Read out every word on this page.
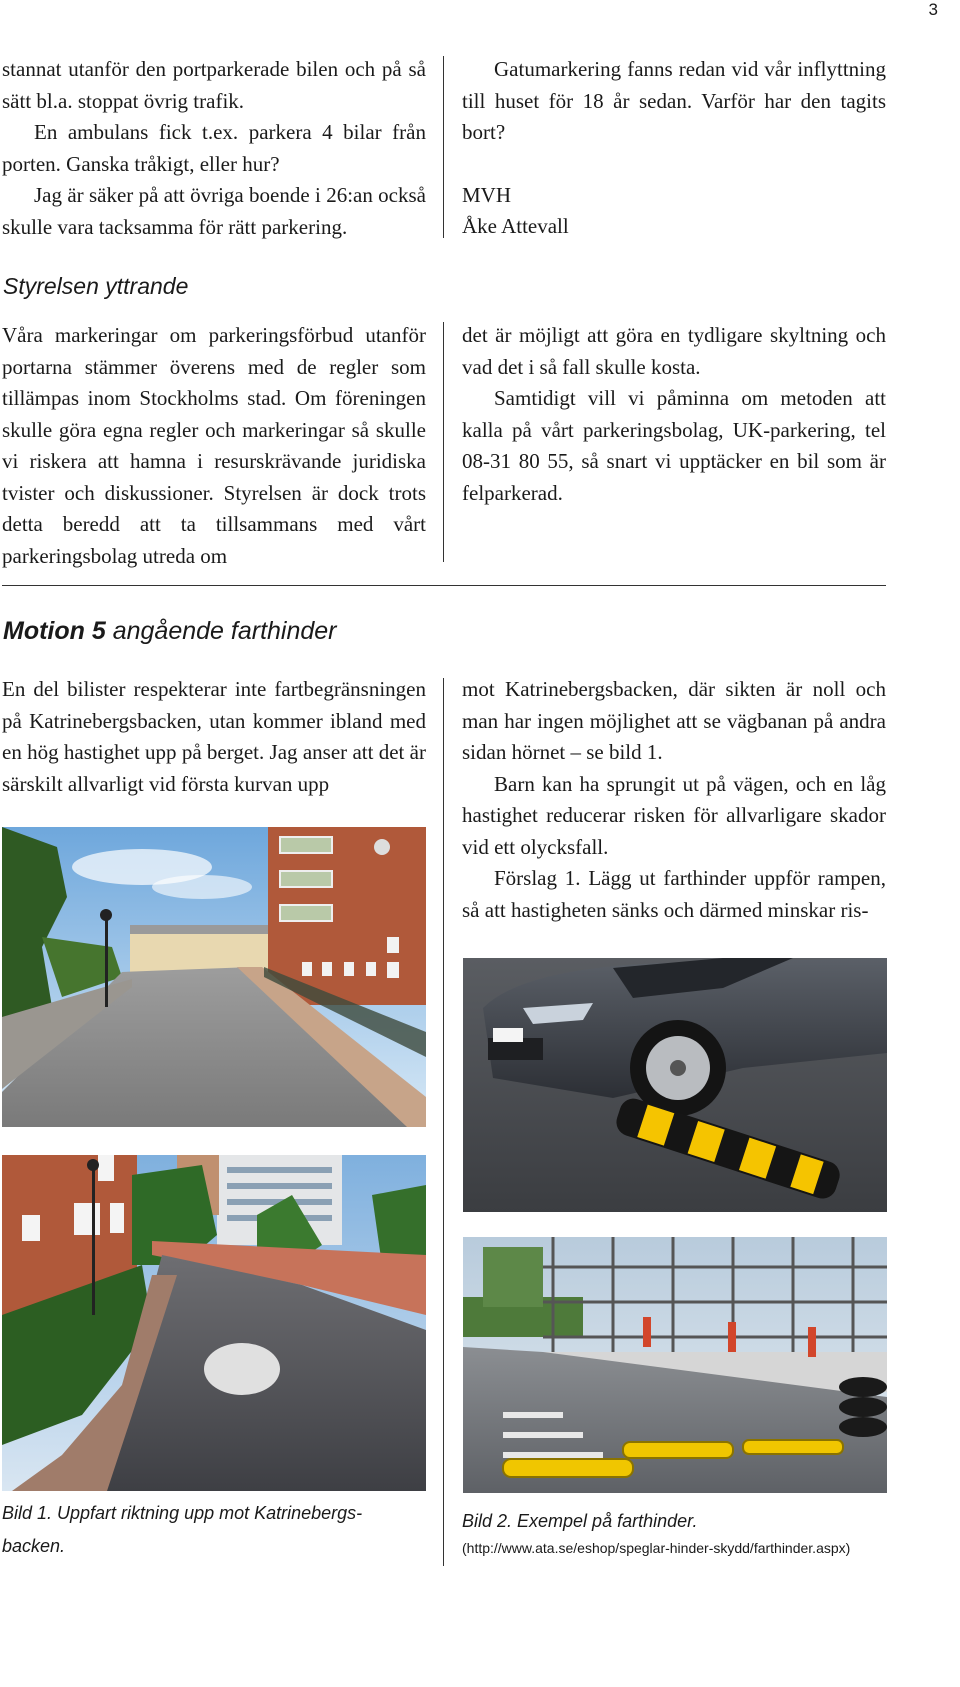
3

stannat utanför den portparkerade bilen och på så sätt bl.a. stoppat övrig trafik.

En ambulans fick t.ex. parkera 4 bilar från porten. Ganska tråkigt, eller hur?

Jag är säker på att övriga boende i 26:an också skulle vara tacksamma för rätt parkering.

Gatumarkering fanns redan vid vår inflyttning till huset för 18 år sedan. Varför har den tagits bort?

MVH

Åke Attevall

Styrelsen yttrande

Våra markeringar om parkeringsförbud utanför portarna stämmer överens med de regler som tillämpas inom Stockholms stad. Om föreningen skulle göra egna regler och markeringar så skulle vi riskera att hamna i resurskrävande juridiska tvister och diskussioner. Styrelsen är dock trots detta beredd att ta tillsammans med vårt parkeringsbolag utreda om

det är möjligt att göra en tydligare skyltning och vad det i så fall skulle kosta.

Samtidigt vill vi påminna om metoden att kalla på vårt parkeringsbolag, UK-parkering, tel 08-31 80 55, så snart vi upptäcker en bil som är felparkerad.

Motion 5 angående farthinder

En del bilister respekterar inte fartbegränsningen på Katrinebergsbacken, utan kommer ibland med en hög hastighet upp på berget. Jag anser att det är särskilt allvarligt vid första kurvan upp

mot Katrinebergsbacken, där sikten är noll och man har ingen möjlighet att se vägbanan på andra sidan hörnet – se bild 1.

Barn kan ha sprungit ut på vägen, och en låg hastighet reducerar risken för allvarligare skador vid ett olycksfall.

Förslag 1. Lägg ut farthinder uppför rampen, så att hastigheten sänks och därmed minskar ris-

Bild 1. Uppfart riktning upp mot Katrinebergs-backen.
Bild 2. Exempel på farthinder.
(http://www.ata.se/eshop/speglar-hinder-skydd/farthinder.aspx)
